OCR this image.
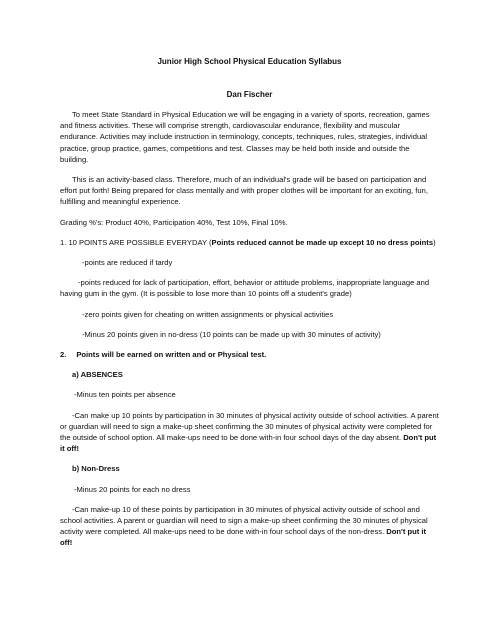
Junior High School Physical Education Syllabus
Dan Fischer

To meet State Standard in Physical Education we will be engaging in a variety of sports, recreation, games and fitness activities. These will comprise strength, cardiovascular endurance, flexibility and muscular endurance. Activities may include instruction in terminology, concepts, techniques, rules, strategies, individual practice, group practice, games, competitions and test. Classes may be held both inside and outside the building.

This is an activity-based class. Therefore, much of an individual's grade will be based on participation and effort put forth! Being prepared for class mentally and with proper clothes will be important for an exciting, fun, fulfilling and meaningful experience.

Grading %'s: Product 40%, Participation 40%, Test 10%, Final 10%.

1. 10 POINTS ARE POSSIBLE EVERYDAY (Points reduced cannot be made up except 10 no dress points)

-points are reduced if tardy

-points reduced for lack of participation, effort, behavior or attitude problems, inappropriate language and having gum in the gym. (It is possible to lose more than 10 points off a student's grade)

-zero points given for cheating on written assignments or physical activities

-Minus 20 points given in no-dress (10 points can be made up with 30 minutes of activity)

2. Points will be earned on written and or Physical test.

a) ABSENCES

-Minus ten points per absence

-Can make up 10 points by participation in 30 minutes of physical activity outside of school activities. A parent or guardian will need to sign a make-up sheet confirming the 30 minutes of physical activity were completed for the outside of school option. All make-ups need to be done with-in four school days of the day absent. Don't put it off!

b) Non-Dress

-Minus 20 points for each no dress

-Can make-up 10 of these points by participation in 30 minutes of physical activity outside of school and school activities. A parent or guardian will need to sign a make-up sheet confirming the 30 minutes of physical activity were completed. All make-ups need to be done with-in four school days of the non-dress. Don't put it off!
